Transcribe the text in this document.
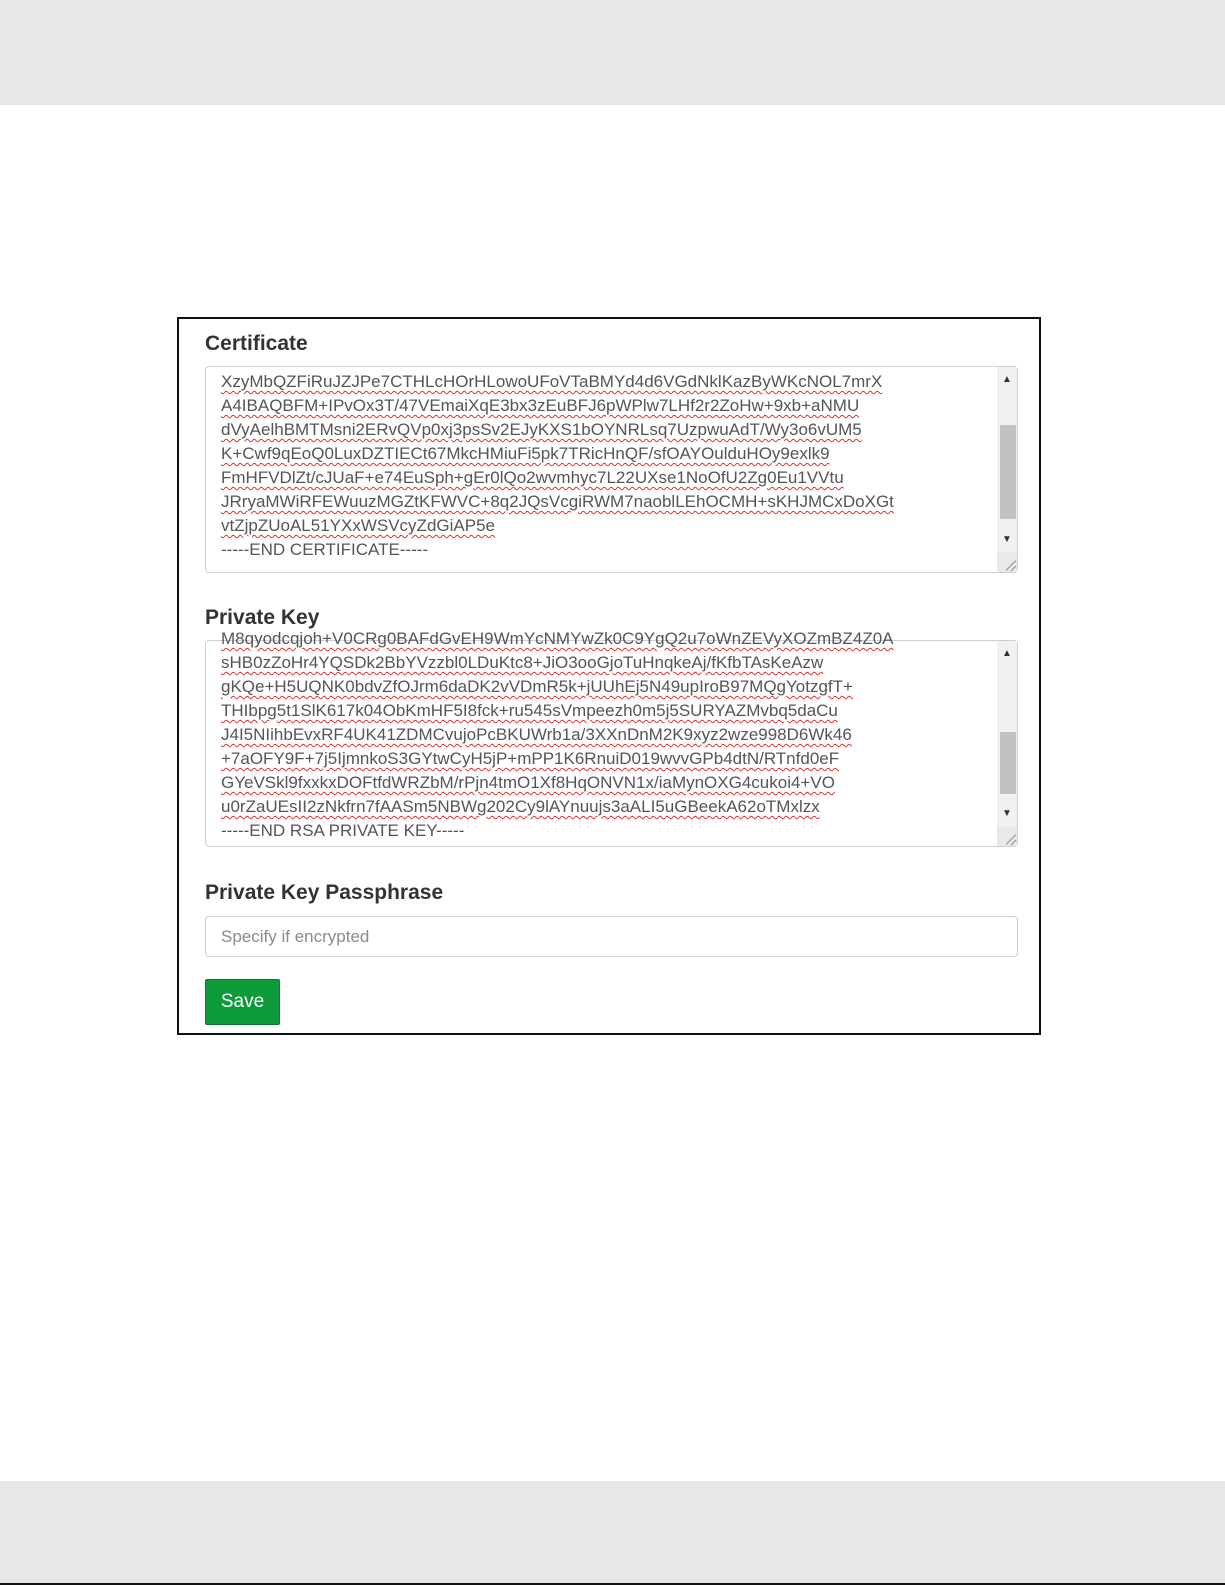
Certificate
XzyMbQZFiRuJZJPe7CTHLcHOrHLowoUFoVTaBMYd4d6VGdNklKazByWKcNOL7mrX
A4IBAQBFM+IPvOx3T/47VEmaiXqE3bx3zEuBFJ6pWPlw7LHf2r2ZoHw+9xb+aNMU
dVyAelhBMTMsni2ERvQVp0xj3psSv2EJyKXS1bOYNRLsq7UzpwuAdT/Wy3o6vUM5
K+Cwf9qEoQ0LuxDZTIECt67MkcHMiuFi5pk7TRicHnQF/sfOAYOulduHOy9exlk9
FmHFVDlZt/cJUaF+e74EuSph+gEr0lQo2wvmhyc7L22UXse1NoOfU2Zg0Eu1VVtu
JRryaMWiRFEWuuzMGZtKFWVC+8q2JQsVcgiRWM7naoblLEhOCMH+sKHJMCxDoXGt
vtZjpZUoAL51YXxWSVcyZdGiAP5e
-----END CERTIFICATE-----
▲
▼
Private Key
M8qyodcqjoh+V0CRg0BAFdGvEH9WmYcNMYwZk0C9YgQ2u7oWnZEVyXOZmBZ4Z0A
sHB0zZoHr4YQSDk2BbYVzzbl0LDuKtc8+JiO3ooGjoTuHnqkeAj/fKfbTAsKeAzw
gKQe+H5UQNK0bdvZfOJrm6daDK2vVDmR5k+jUUhEj5N49upIroB97MQgYotzgfT+
THIbpg5t1SlK617k04ObKmHF5I8fck+ru545sVmpeezh0m5j5SURYAZMvbq5daCu
J4I5NIihbEvxRF4UK41ZDMCvujoPcBKUWrb1a/3XXnDnM2K9xyz2wze998D6Wk46
+7aOFY9F+7j5IjmnkoS3GYtwCyH5jP+mPP1K6RnuiD019wvvGPb4dtN/RTnfd0eF
GYeVSkl9fxxkxDOFtfdWRZbM/rPjn4tmO1Xf8HqONVN1x/iaMynOXG4cukoi4+VO
u0rZaUEsII2zNkfrn7fAASm5NBWg202Cy9lAYnuujs3aALI5uGBeekA62oTMxlzx
-----END RSA PRIVATE KEY-----
▲
▼
Private Key Passphrase
Specify if encrypted
Save
